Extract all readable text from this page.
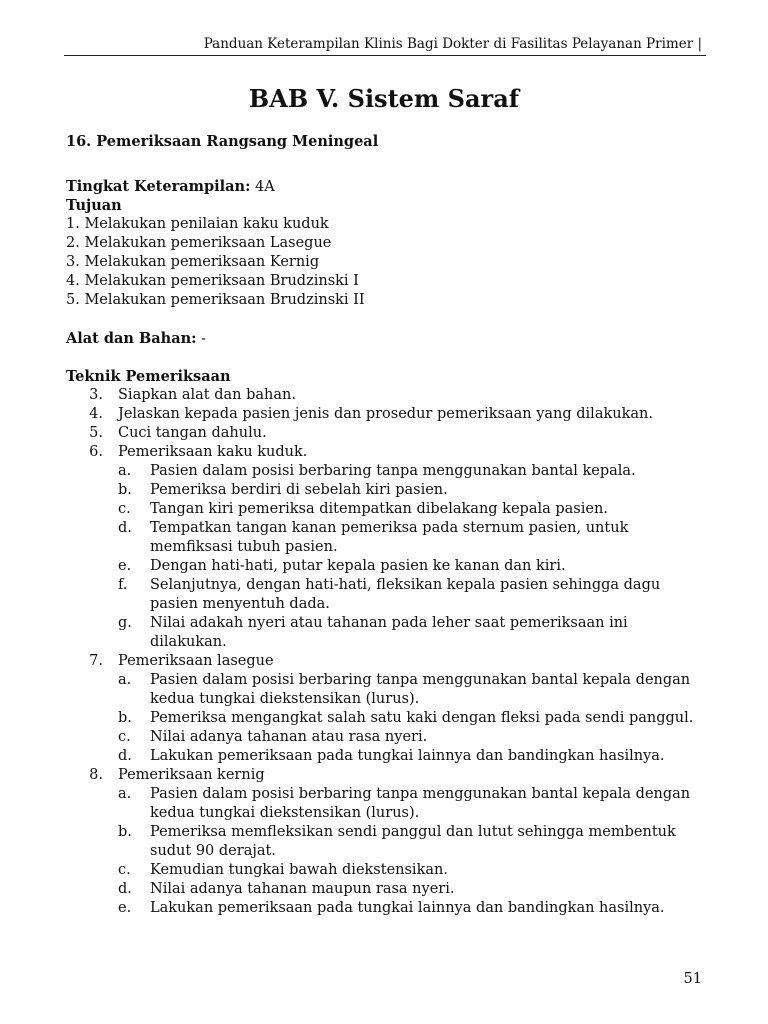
Panduan Keterampilan Klinis Bagi Dokter di Fasilitas Pelayanan Primer |
BAB V. Sistem Saraf
16. Pemeriksaan Rangsang Meningeal
Tingkat Keterampilan: 4A
Tujuan
1. Melakukan penilaian kaku kuduk
2. Melakukan pemeriksaan Lasegue
3. Melakukan pemeriksaan Kernig
4. Melakukan pemeriksaan Brudzinski I
5. Melakukan pemeriksaan Brudzinski II
Alat dan Bahan: -
Teknik Pemeriksaan
3. Siapkan alat dan bahan.
4. Jelaskan kepada pasien jenis dan prosedur pemeriksaan yang dilakukan.
5. Cuci tangan dahulu.
6. Pemeriksaan kaku kuduk.
a. Pasien dalam posisi berbaring tanpa menggunakan bantal kepala.
b. Pemeriksa berdiri di sebelah kiri pasien.
c. Tangan kiri pemeriksa ditempatkan dibelakang kepala pasien.
d. Tempatkan tangan kanan pemeriksa pada sternum pasien, untuk
memfiksasi tubuh pasien.
e. Dengan hati-hati, putar kepala pasien ke kanan dan kiri.
f. Selanjutnya, dengan hati-hati, fleksikan kepala pasien sehingga dagu
pasien menyentuh dada.
g. Nilai adakah nyeri atau tahanan pada leher saat pemeriksaan ini
dilakukan.
7. Pemeriksaan lasegue
a. Pasien dalam posisi berbaring tanpa menggunakan bantal kepala dengan
kedua tungkai diekstensikan (lurus).
b. Pemeriksa mengangkat salah satu kaki dengan fleksi pada sendi panggul.
c. Nilai adanya tahanan atau rasa nyeri.
d. Lakukan pemeriksaan pada tungkai lainnya dan bandingkan hasilnya.
8. Pemeriksaan kernig
a. Pasien dalam posisi berbaring tanpa menggunakan bantal kepala dengan
kedua tungkai diekstensikan (lurus).
b. Pemeriksa memfleksikan sendi panggul dan lutut sehingga membentuk
sudut 90 derajat.
c. Kemudian tungkai bawah diekstensikan.
d. Nilai adanya tahanan maupun rasa nyeri.
e. Lakukan pemeriksaan pada tungkai lainnya dan bandingkan hasilnya.
51
